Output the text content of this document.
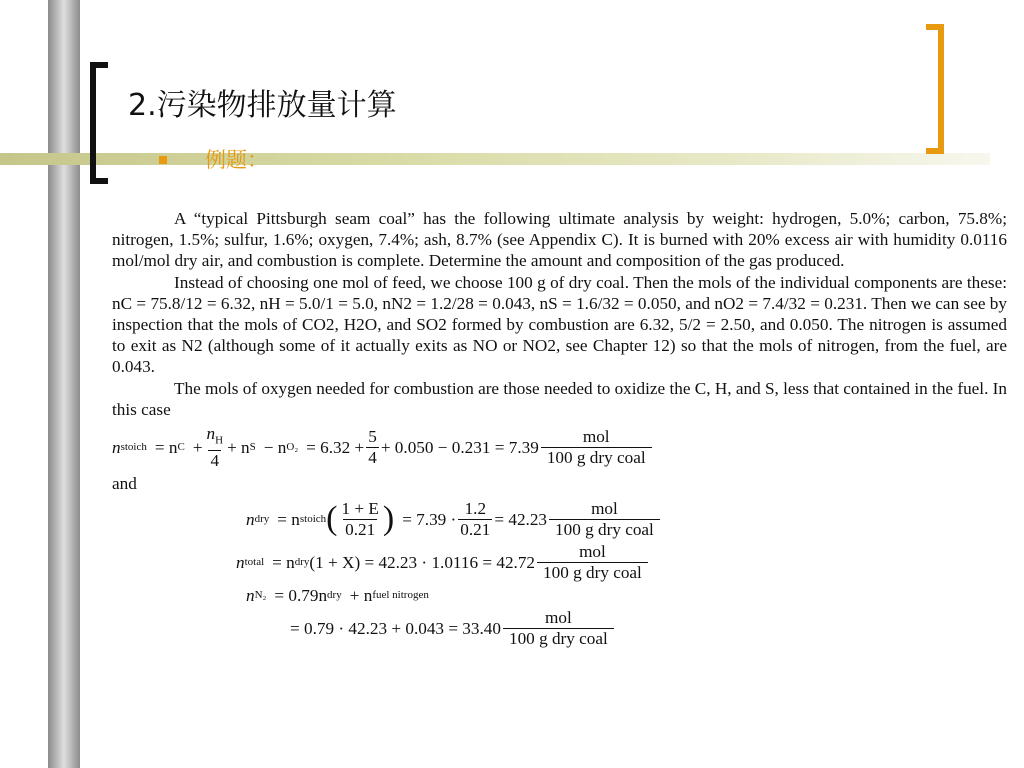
2.污染物排放量计算
例题：

A “typical Pittsburgh seam coal” has the following ultimate analysis by weight: hydrogen, 5.0%; carbon, 75.8%; nitrogen, 1.5%; sulfur, 1.6%; oxygen, 7.4%; ash, 8.7% (see Appendix C). It is burned with 20% excess air with humidity 0.0116 mol/mol dry air, and combustion is complete. Determine the amount and composition of the gas produced.

Instead of choosing one mol of feed, we choose 100 g of dry coal. Then the mols of the individual components are these: nC = 75.8/12 = 6.32, nH = 5.0/1 = 5.0, nN2 = 1.2/28 = 0.043, nS = 1.6/32 = 0.050, and nO2 = 7.4/32 = 0.231. Then we can see by inspection that the mols of CO2, H2O, and SO2 formed by combustion are 6.32, 5/2 = 2.50, and 0.050. The nitrogen is assumed to exit as N2 (although some of it actually exits as NO or NO2, see Chapter 12) so that the mols of nitrogen, from the fuel, are 0.043.

The mols of oxygen needed for combustion are those needed to oxidize the C, H, and S, less that contained in the fuel. In this case

n stoich = n $C + \frac{n_H}{4} + n$ S − n $O_2 = 6.32 + \frac{5}{4} + 0.050 - 0.231 = 7.39 \frac{\text{mol}}{\text{100 g dry coal}}$

and

n dry = n stoich ( $\frac{1 + E}{0.21}$ ) = $7.39 \cdot \frac{1.2}{0.21} = 42.23 \frac{\text{mol}}{\text{100 g dry coal}}$
n total = n dry $(1 + X) = 42.23 \cdot 1.0116 = 42.72 \frac{\text{mol}}{\text{100 g dry coal}}$
n N₂ = 0.79n dry + n fuel nitrogen
= $0.79 \cdot 42.23 + 0.043 = 33.40 \frac{\text{mol}}{\text{100 g dry coal}}$
